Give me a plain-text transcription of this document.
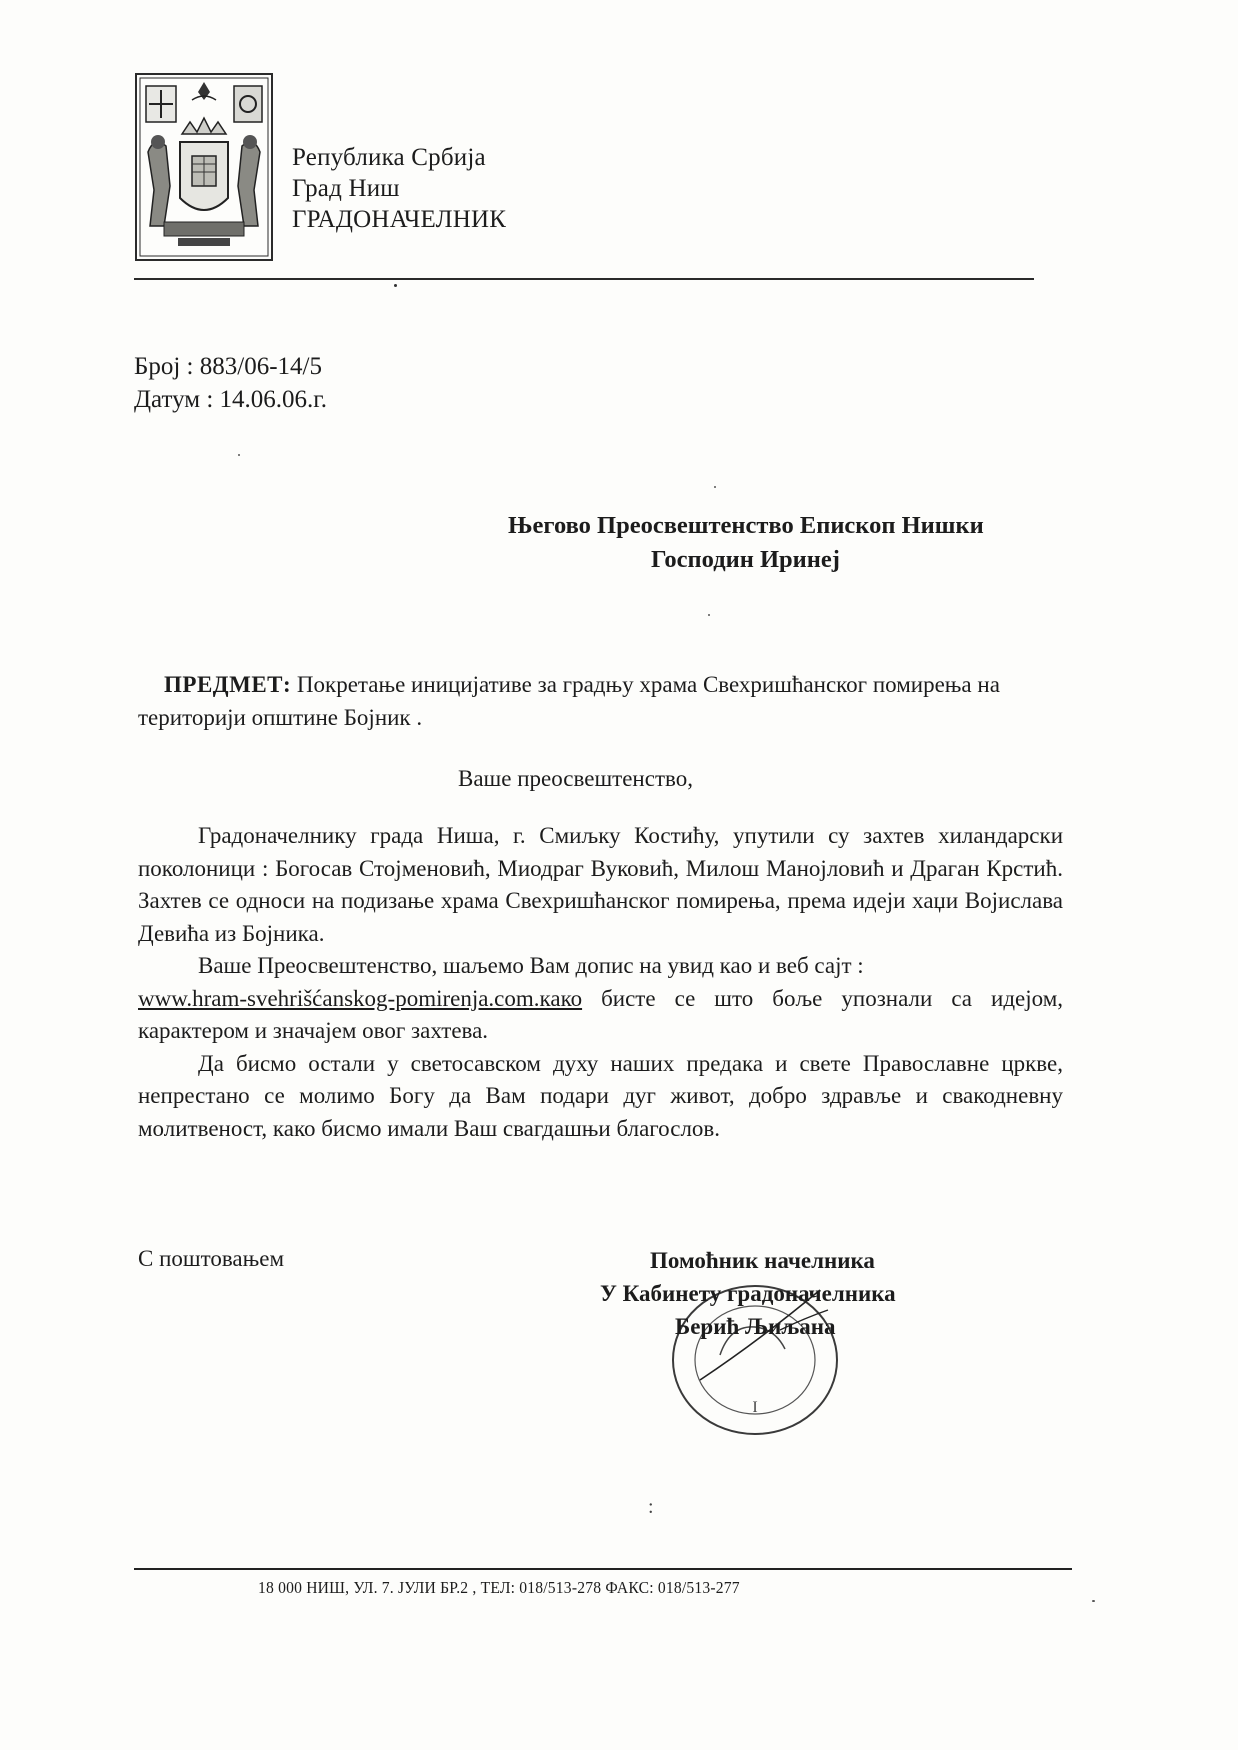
Република Србија
Град Ниш
ГРАДОНАЧЕЛНИК
Број : 883/06-14/5
Датум : 14.06.06.г.
Његово Преосвештенство Епископ Нишки
Господин Иринеј
ПРЕДМЕТ: Покретање иницијативе за градњу храма Свехришћанског помирења на територији општине Бојник .
Ваше преосвештенство,

Градоначелнику града Ниша, г. Смиљку Костићу, упутили су захтев хиландарски поколоници : Богосав Стојменовић, Миодраг Вуковић, Милош Манојловић и Драган Крстић. Захтев се односи на подизање храма Свехришћанског помирења, према идеји хаџи Војислава Девића из Бојника.

Ваше Преосвештенство, шаљемо Вам допис на увид као и веб сајт :
www.hram-svehrišćanskog-pomirenja.com.како бисте се што боље упознали са идејом, карактером и значајем овог захтева.

Да бисмо остали у светосавском духу наших предака и свете Православне цркве, непрестано се молимо Богу да Вам подари дуг живот, добро здравље и свакодневну молитвеност, како бисмо имали Ваш свагдашњи благослов.

С поштовањем
І
Помоћник начелника
У Кабинету градоначелника
Берић Љиљана
:
18 000 НИШ, УЛ. 7. ЈУЛИ БР.2 , ТЕЛ: 018/513-278 ФАКС: 018/513-277
